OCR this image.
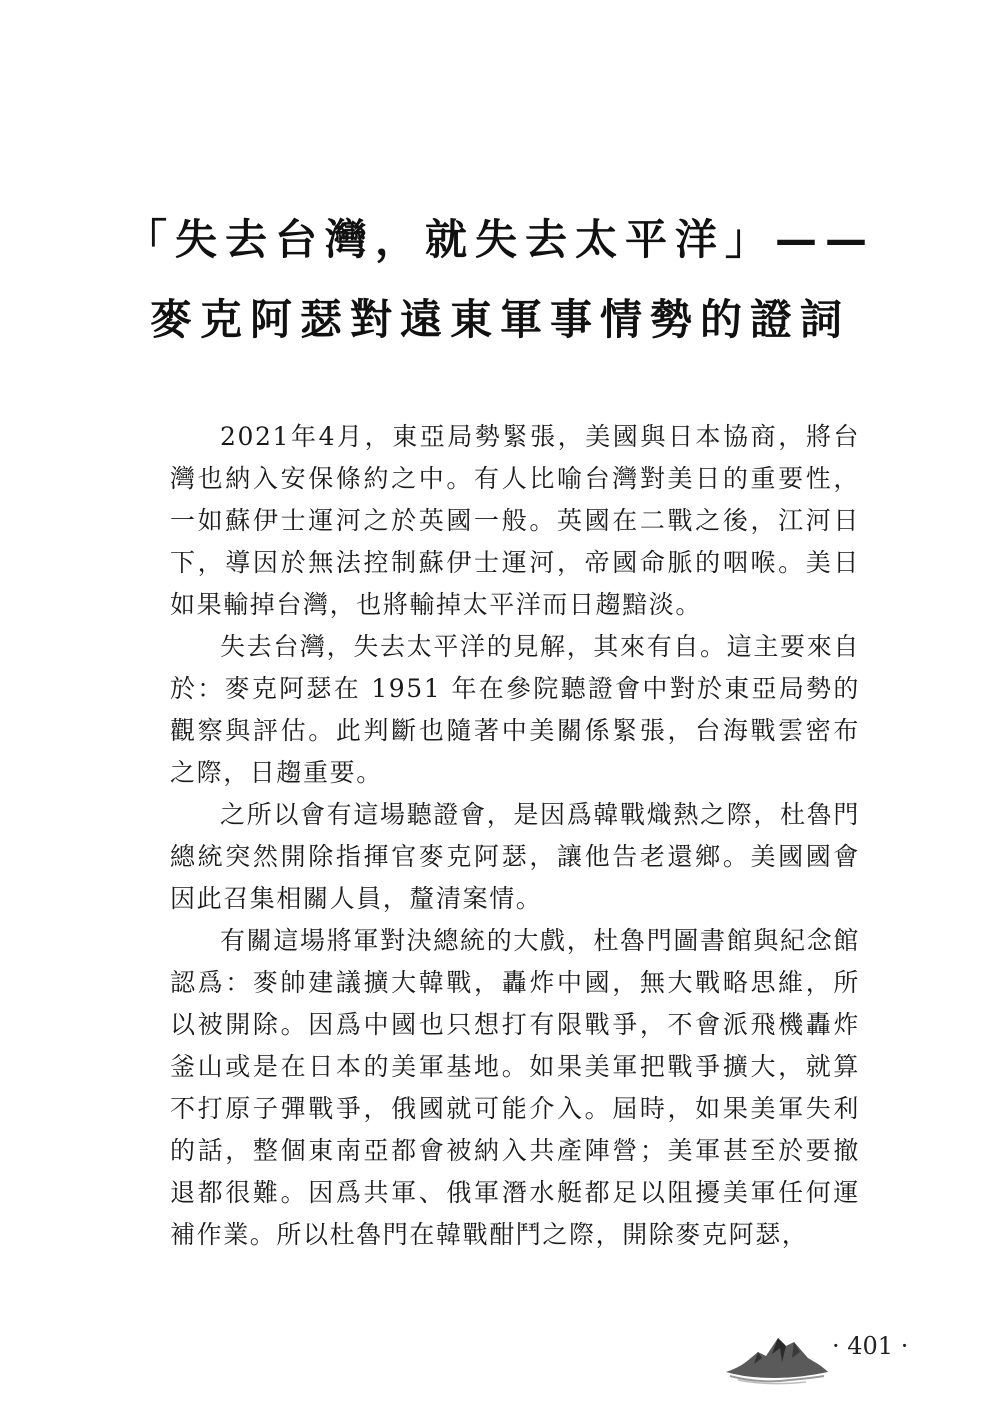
「失去台灣，就失去太平洋」——
麥克阿瑟對遠東軍事情勢的證詞

2021年4月，東亞局勢緊張，美國與日本協商，將台灣也納入安保條約之中。有人比喻台灣對美日的重要性，一如蘇伊士運河之於英國一般。英國在二戰之後，江河日下，導因於無法控制蘇伊士運河，帝國命脈的咽喉。美日如果輸掉台灣，也將輸掉太平洋而日趨黯淡。

失去台灣，失去太平洋的見解，其來有自。這主要來自於：麥克阿瑟在 1951 年在參院聽證會中對於東亞局勢的觀察與評估。此判斷也隨著中美關係緊張，台海戰雲密布之際，日趨重要。

之所以會有這場聽證會，是因爲韓戰熾熱之際，杜魯門總統突然開除指揮官麥克阿瑟，讓他告老還鄉。美國國會因此召集相關人員，釐清案情。

有關這場將軍對決總統的大戲，杜魯門圖書館與紀念館認爲：麥帥建議擴大韓戰，轟炸中國，無大戰略思維，所以被開除。因爲中國也只想打有限戰爭，不會派飛機轟炸釜山或是在日本的美軍基地。如果美軍把戰爭擴大，就算不打原子彈戰爭，俄國就可能介入。屆時，如果美軍失利的話，整個東南亞都會被納入共產陣營；美軍甚至於要撤退都很難。因爲共軍、俄軍潛水艇都足以阻擾美軍任何運補作業。所以杜魯門在韓戰酣鬥之際，開除麥克阿瑟，

· 401 ·
